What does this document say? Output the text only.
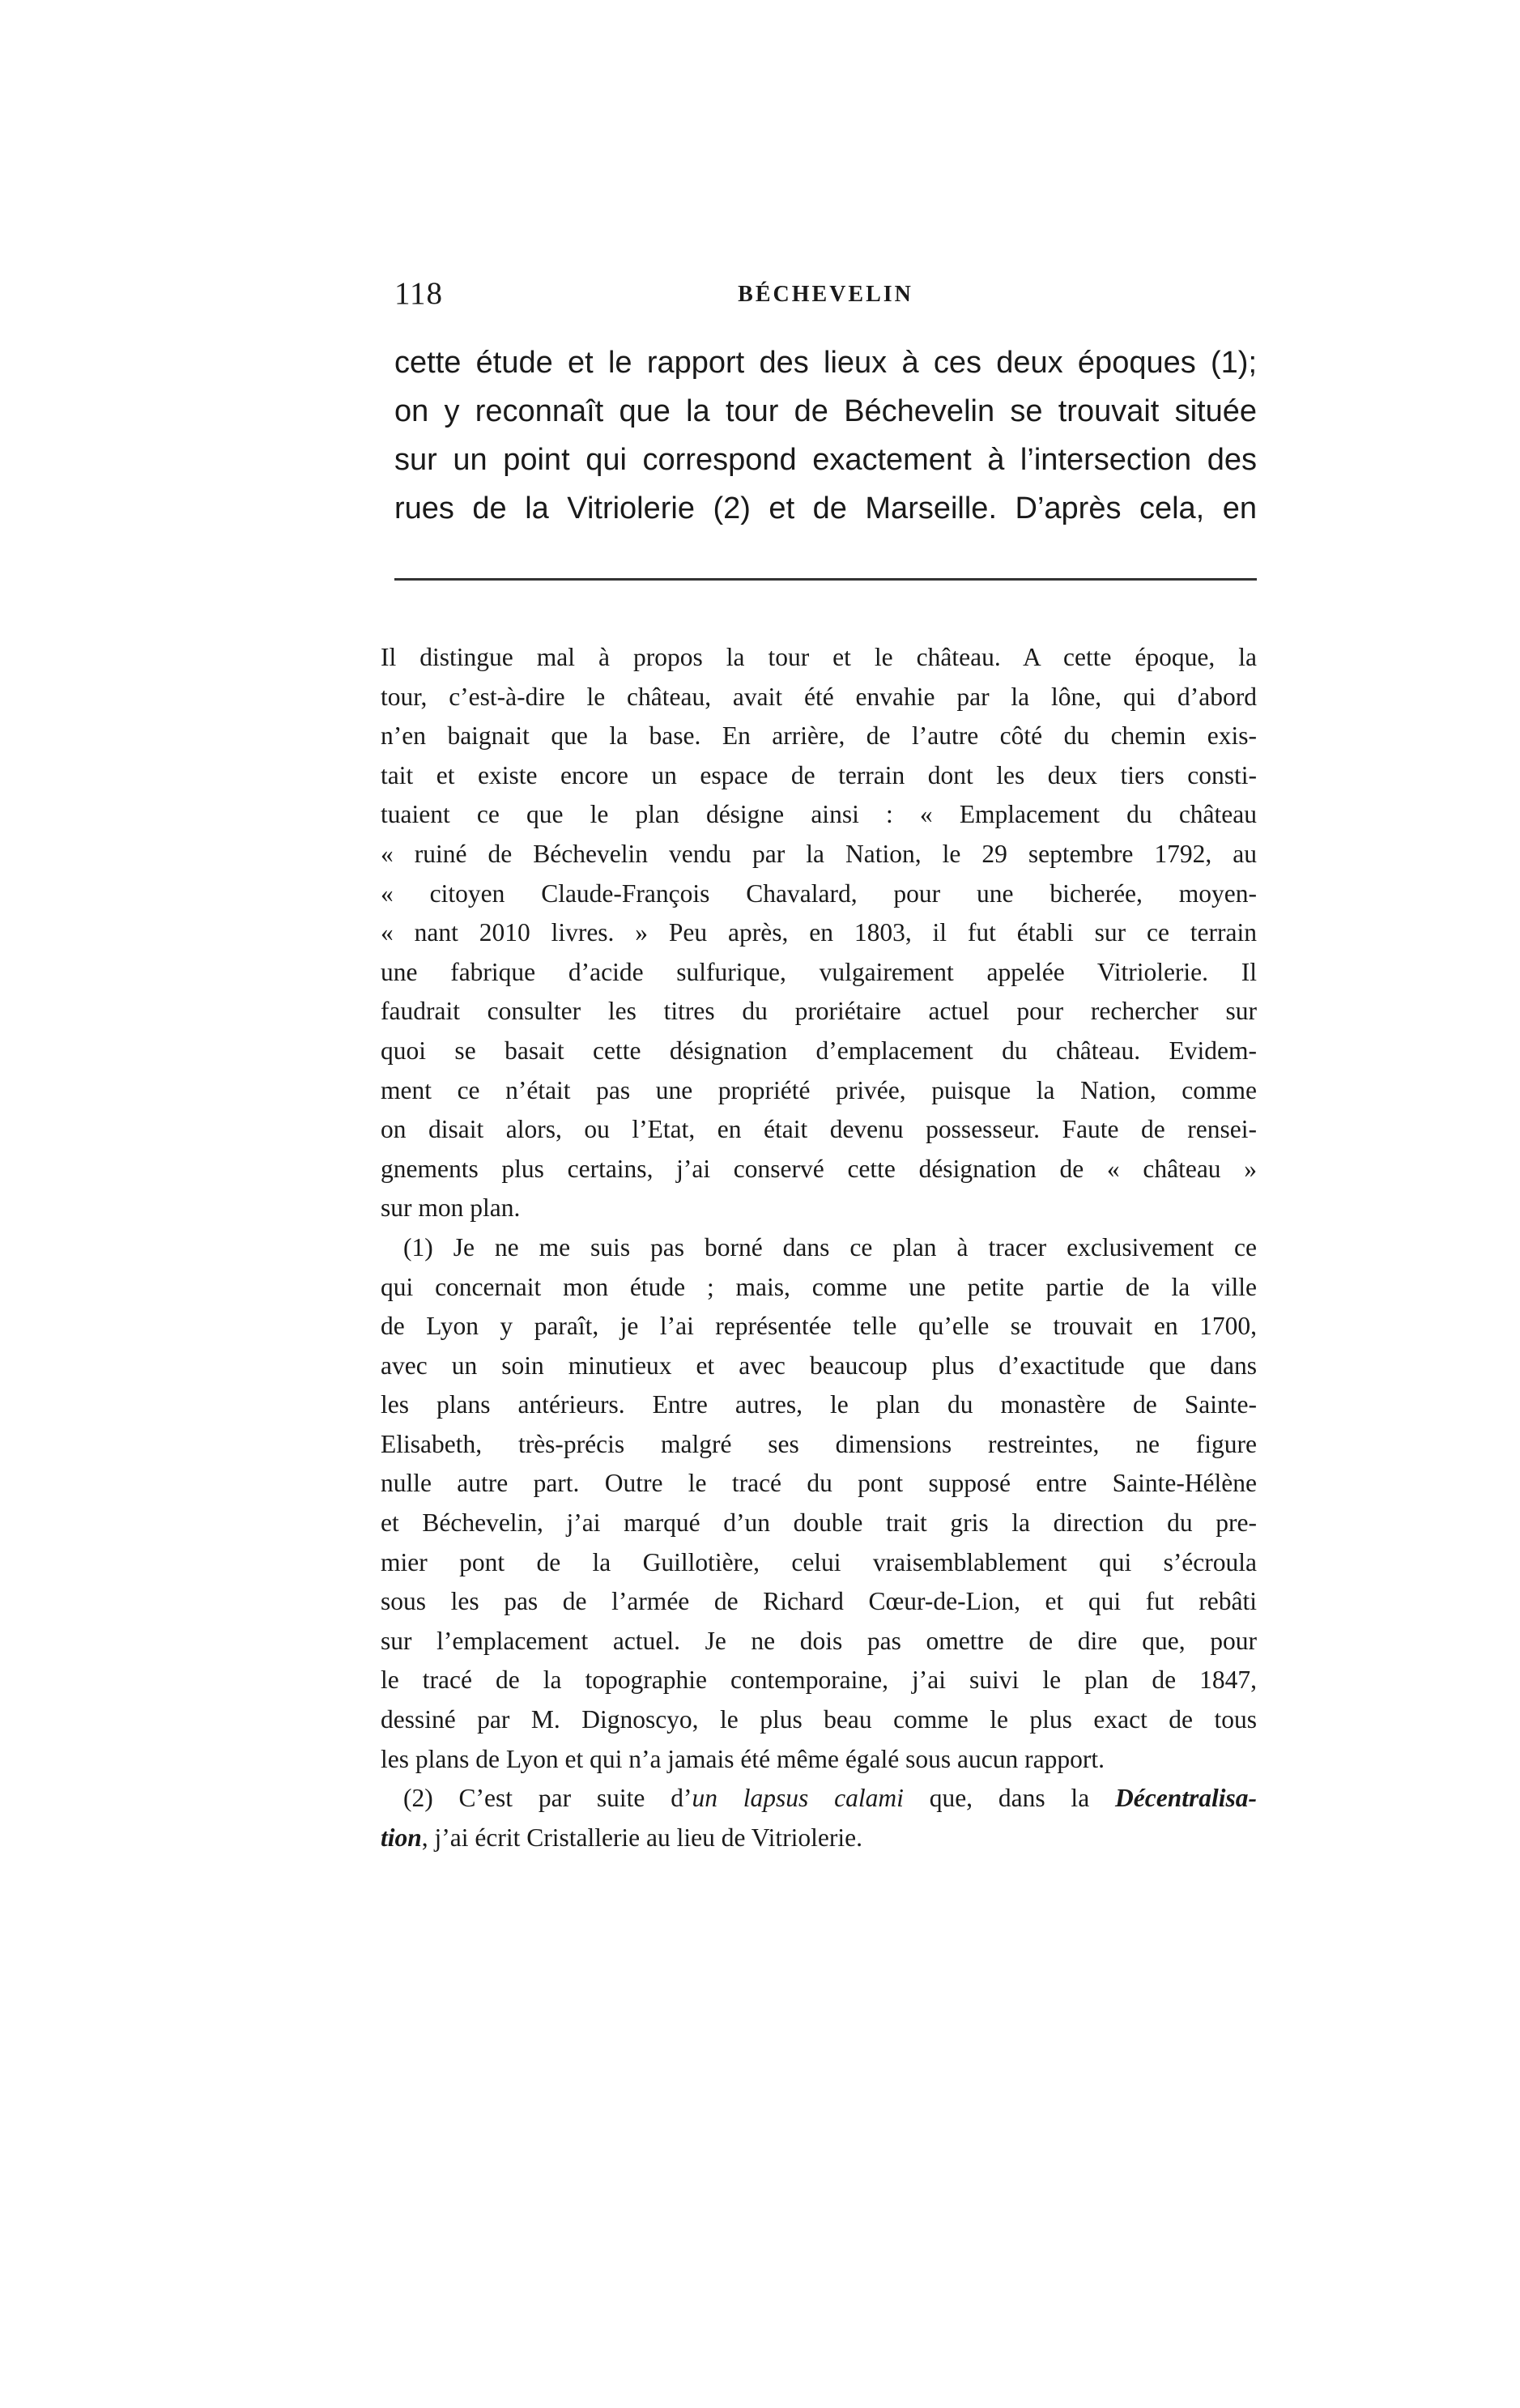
118	BÉCHEVELIN

cette étude et le rapport des lieux à ces deux époques (1);
on y reconnaît que la tour de Béchevelin se trouvait située
sur un point qui correspond exactement à l’intersection des
rues de la Vitriolerie (2) et de Marseille. D’après cela, en

Il distingue mal à propos la tour et le château. A cette époque, la
tour, c’est-à-dire le château, avait été envahie par la lône, qui d’abord
n’en baignait que la base. En arrière, de l’autre côté du chemin exis-
tait et existe encore un espace de terrain dont les deux tiers consti-
tuaient ce que le plan désigne ainsi : « Emplacement du château
« ruiné de Béchevelin vendu par la Nation, le 29 septembre 1792, au
« citoyen Claude-François Chavalard, pour une bicherée, moyen-
« nant 2010 livres. » Peu après, en 1803, il fut établi sur ce terrain
une fabrique d’acide sulfurique, vulgairement appelée Vitriolerie. Il
faudrait consulter les titres du proriétaire actuel pour rechercher sur
quoi se basait cette désignation d’emplacement du château. Evidem-
ment ce n’était pas une propriété privée, puisque la Nation, comme
on disait alors, ou l’Etat, en était devenu possesseur. Faute de rensei-
gnements plus certains, j’ai conservé cette désignation de « château »
sur mon plan.

(1) Je ne me suis pas borné dans ce plan à tracer exclusivement ce
qui concernait mon étude ; mais, comme une petite partie de la ville
de Lyon y paraît, je l’ai représentée telle qu’elle se trouvait en 1700,
avec un soin minutieux et avec beaucoup plus d’exactitude que dans
les plans antérieurs. Entre autres, le plan du monastère de Sainte-
Elisabeth, très-précis malgré ses dimensions restreintes, ne figure
nulle autre part. Outre le tracé du pont supposé entre Sainte-Hélène
et Béchevelin, j’ai marqué d’un double trait gris la direction du pre-
mier pont de la Guillotière, celui vraisemblablement qui s’écroula
sous les pas de l’armée de Richard Cœur-de-Lion, et qui fut rebâti
sur l’emplacement actuel. Je ne dois pas omettre de dire que, pour
le tracé de la topographie contemporaine, j’ai suivi le plan de 1847,
dessiné par M. Dignoscyo, le plus beau comme le plus exact de tous
les plans de Lyon et qui n’a jamais été même égalé sous aucun rapport.

(2) C’est par suite d’un lapsus calami que, dans la Décentralisa-
tion, j’ai écrit Cristallerie au lieu de Vitriolerie.
